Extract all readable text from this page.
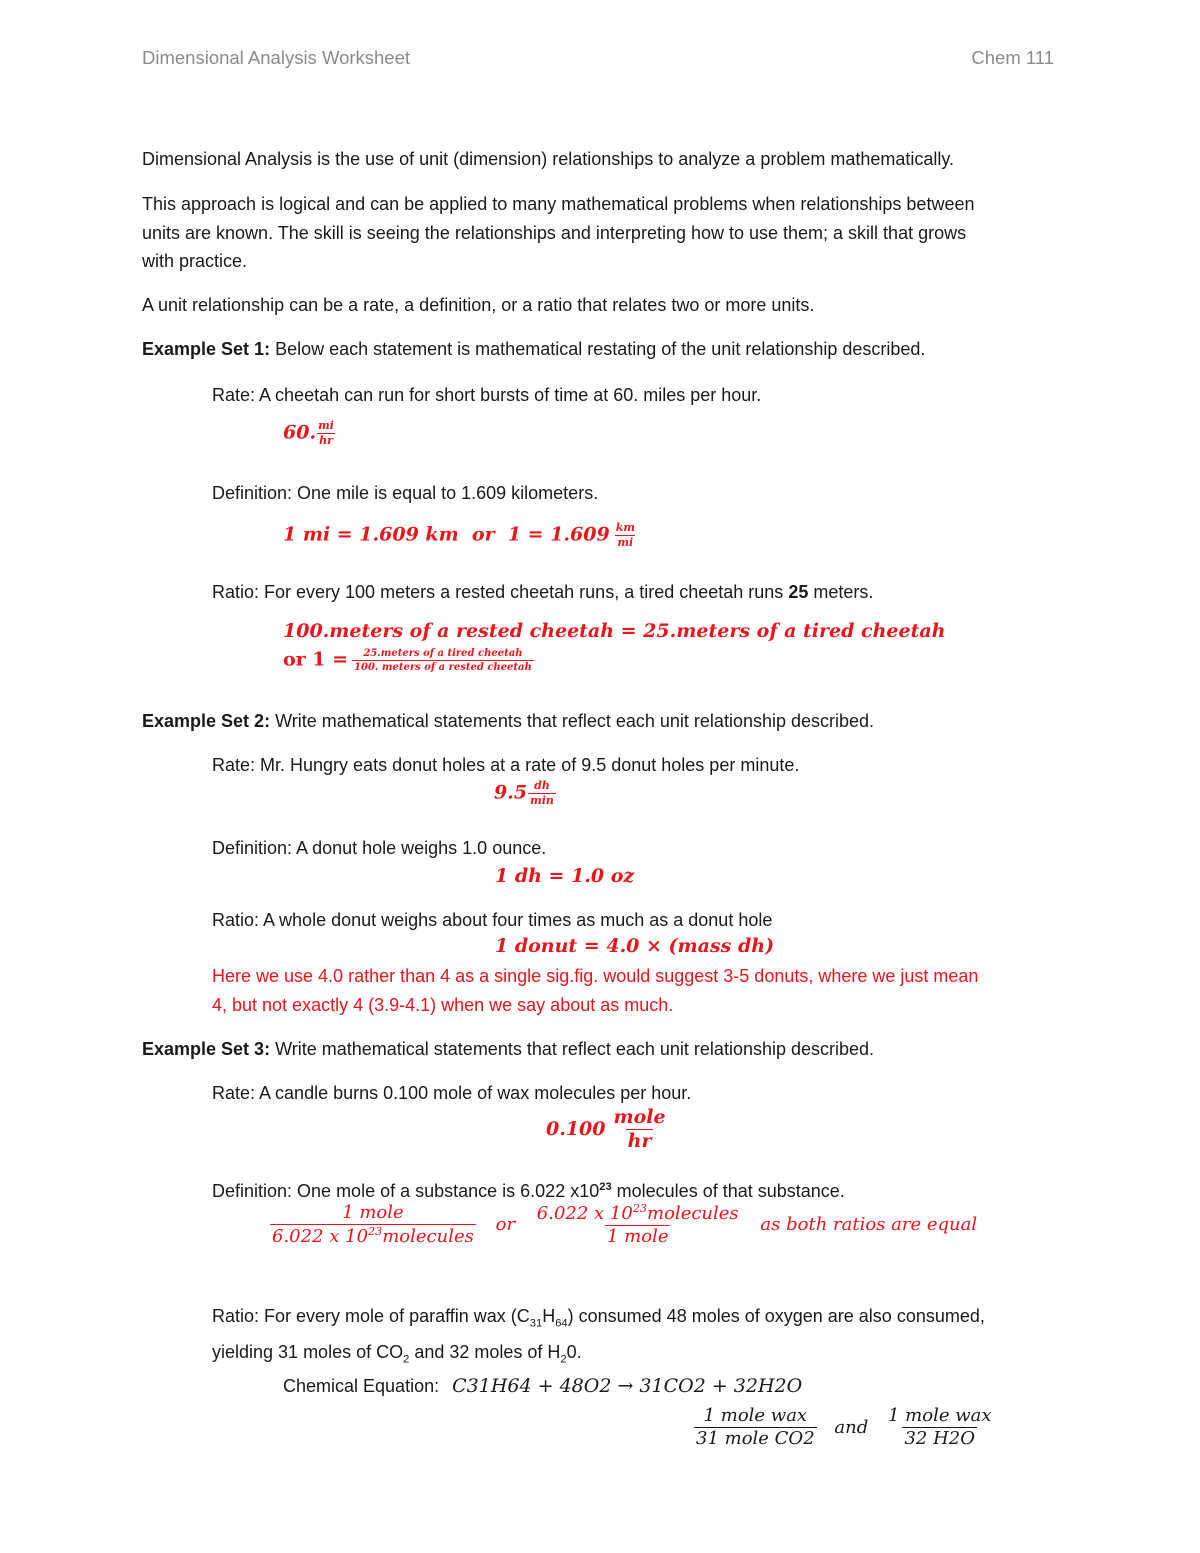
Dimensional Analysis Worksheet	Chem 111
Dimensional Analysis is the use of unit (dimension) relationships to analyze a problem mathematically.
This approach is logical and can be applied to many mathematical problems when relationships between
units are known. The skill is seeing the relationships and interpreting how to use them; a skill that grows
with practice.
A unit relationship can be a rate, a definition, or a ratio that relates two or more units.
Example Set 1: Below each statement is mathematical restating of the unit relationship described.
Rate: A cheetah can run for short bursts of time at 60. miles per hour.
60. $\frac{mi}{hr}$
Definition: One mile is equal to 1.609 kilometers.
1 mi = 1.609 km  or  $1 = 1.609 \frac{km}{mi}$
Ratio: For every 100 meters a rested cheetah runs, a tired cheetah runs 25 meters.
100.meters of a rested cheetah = 25.meters of a tired cheetah
or $1 = \frac{\text{25.meters of a tired cheetah}}{\text{100. meters of a rested cheetah}}$
Example Set 2: Write mathematical statements that reflect each unit relationship described.
Rate: Mr. Hungry eats donut holes at a rate of 9.5 donut holes per minute.
$9.5 \frac{dh}{\min}$
Definition: A donut hole weighs 1.0 ounce.
1 dh = 1.0 oz
Ratio: A whole donut weighs about four times as much as a donut hole
1 donut = 4.0 × (mass dh)
Here we use 4.0 rather than 4 as a single sig.fig. would suggest 3-5 donuts, where we just mean
4, but not exactly 4 (3.9-4.1) when we say about as much.
Example Set 3: Write mathematical statements that reflect each unit relationship described.
Rate: A candle burns 0.100 mole of wax molecules per hour.
$0.100 \frac{\text{mole}}{hr}$
Definition: One mole of a substance is 6.022 $x10^{23}$ molecules of that substance.
$\frac{\text{1 mole}}{6.022 x 10^{23}molecules}$ or $\frac{6.022 x 10^{23}molecules}{\text{1 mole}}$ as both ratios are equal
Ratio: For every mole of paraffin wax $(C_{31}H_{64})$ consumed 48 moles of oxygen are also consumed,
yielding 31 moles of $CO_2$ and 32 moles of $H_20$.
Chemical Equation: C31H64 + 48O2 → 31CO2 + 32H2O
$\frac{\text{1 mole wax}}{\text{31 mole CO2}}$ and $\frac{\text{1 mole wax}}{32 H2O}$
